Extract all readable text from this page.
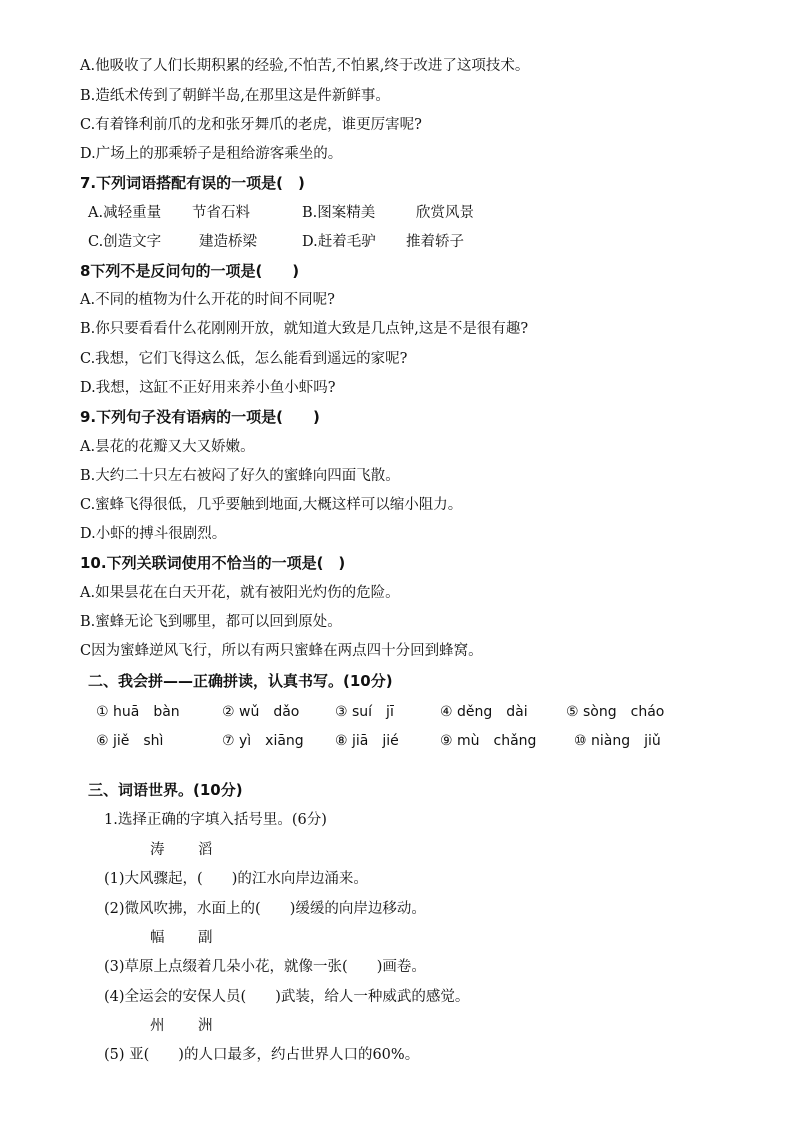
A.他吸收了人们长期积累的经验,不怕苦,不怕累,终于改进了这项技术。
B.造纸术传到了朝鲜半岛,在那里这是件新鲜事。
C.有着锋利前爪的龙和张牙舞爪的老虎，谁更厉害呢?
D.广场上的那乘轿子是租给游客乘坐的。
7.下列词语搭配有误的一项是(　)
A.减轻重量 节省石料	B.图案精美	欣赏风景
C.创造文字	建造桥梁	D.赶着毛驴 推着轿子
8下列不是反问句的一项是(　　)
A.不同的植物为什么开花的时间不同呢?
B.你只要看看什么花刚刚开放，就知道大致是几点钟,这是不是很有趣?
C.我想，它们飞得这么低，怎么能看到遥远的家呢?
D.我想，这缸不正好用来养小鱼小虾吗?
9.下列句子没有语病的一项是(　　)
A.昙花的花瓣又大又娇嫩。
B.大约二十只左右被闷了好久的蜜蜂向四面飞散。
C.蜜蜂飞得很低，几乎要触到地面,大概这样可以缩小阻力。
D.小虾的搏斗很剧烈。
10.下列关联词使用不恰当的一项是(　)
A.如果昙花在白天开花，就有被阳光灼伤的危险。
B.蜜蜂无论飞到哪里，都可以回到原处。
C因为蜜蜂逆风飞行，所以有两只蜜蜂在两点四十分回到蜂窝。
二、我会拼——正确拼读，认真书写。(10分)
① huā　bàn	② wǔ　dǎo	③ suí　jī	④ děng　dài	⑤ sòng　cháo
⑥ jiě　shì	⑦ yì　xiāng ⑧ jiā　jié	⑨ mù　chǎng	⑩ niàng　jiǔ
三、词语世界。(10分)
1.选择正确的字填入括号里。(6分)
涛 滔
(1)大风骤起，(　　)的江水向岸边涌来。
(2)微风吹拂，水面上的(　　)缓缓的向岸边移动。
幅 副
(3)草原上点缀着几朵小花，就像一张(　　)画卷。
(4)全运会的安保人员(　　)武装，给人一种威武的感觉。
州 洲
(5) 亚(　　)的人口最多，约占世界人口的60%。
